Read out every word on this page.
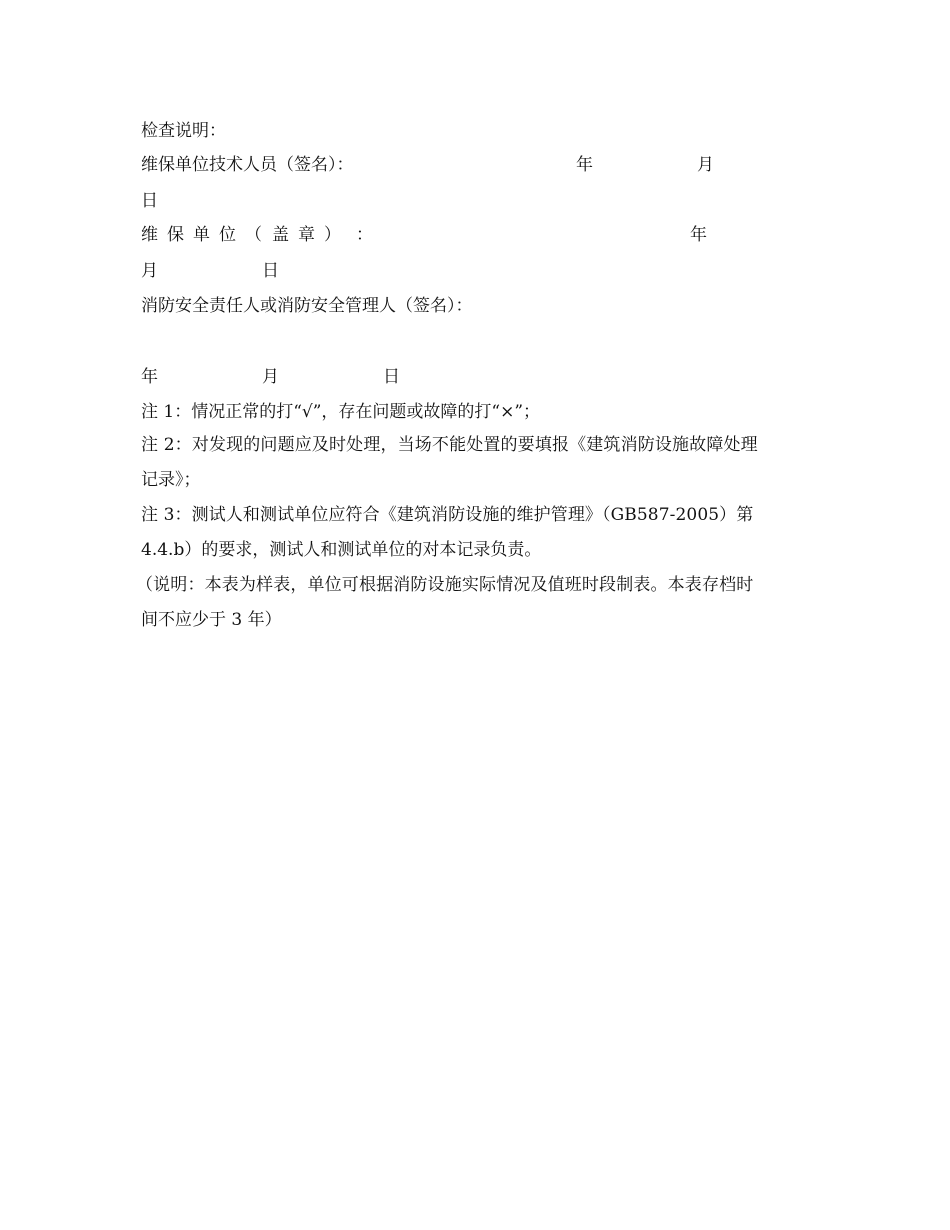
检查说明：
维保单位技术人员（签名）：	年	月
日
维 保 单 位 （ 盖 章 ） ：	年
月	日
消防安全责任人或消防安全管理人（签名）：
年	月	日
注 1：情况正常的打“√”，存在问题或故障的打“×”；
注 2：对发现的问题应及时处理，当场不能处置的要填报《建筑消防设施故障处理
记录》；
注 3：测试人和测试单位应符合《建筑消防设施的维护管理》（GB587-2005）第
4.4.b）的要求，测试人和测试单位的对本记录负责。
（说明：本表为样表，单位可根据消防设施实际情况及值班时段制表。本表存档时
间不应少于 3 年）
